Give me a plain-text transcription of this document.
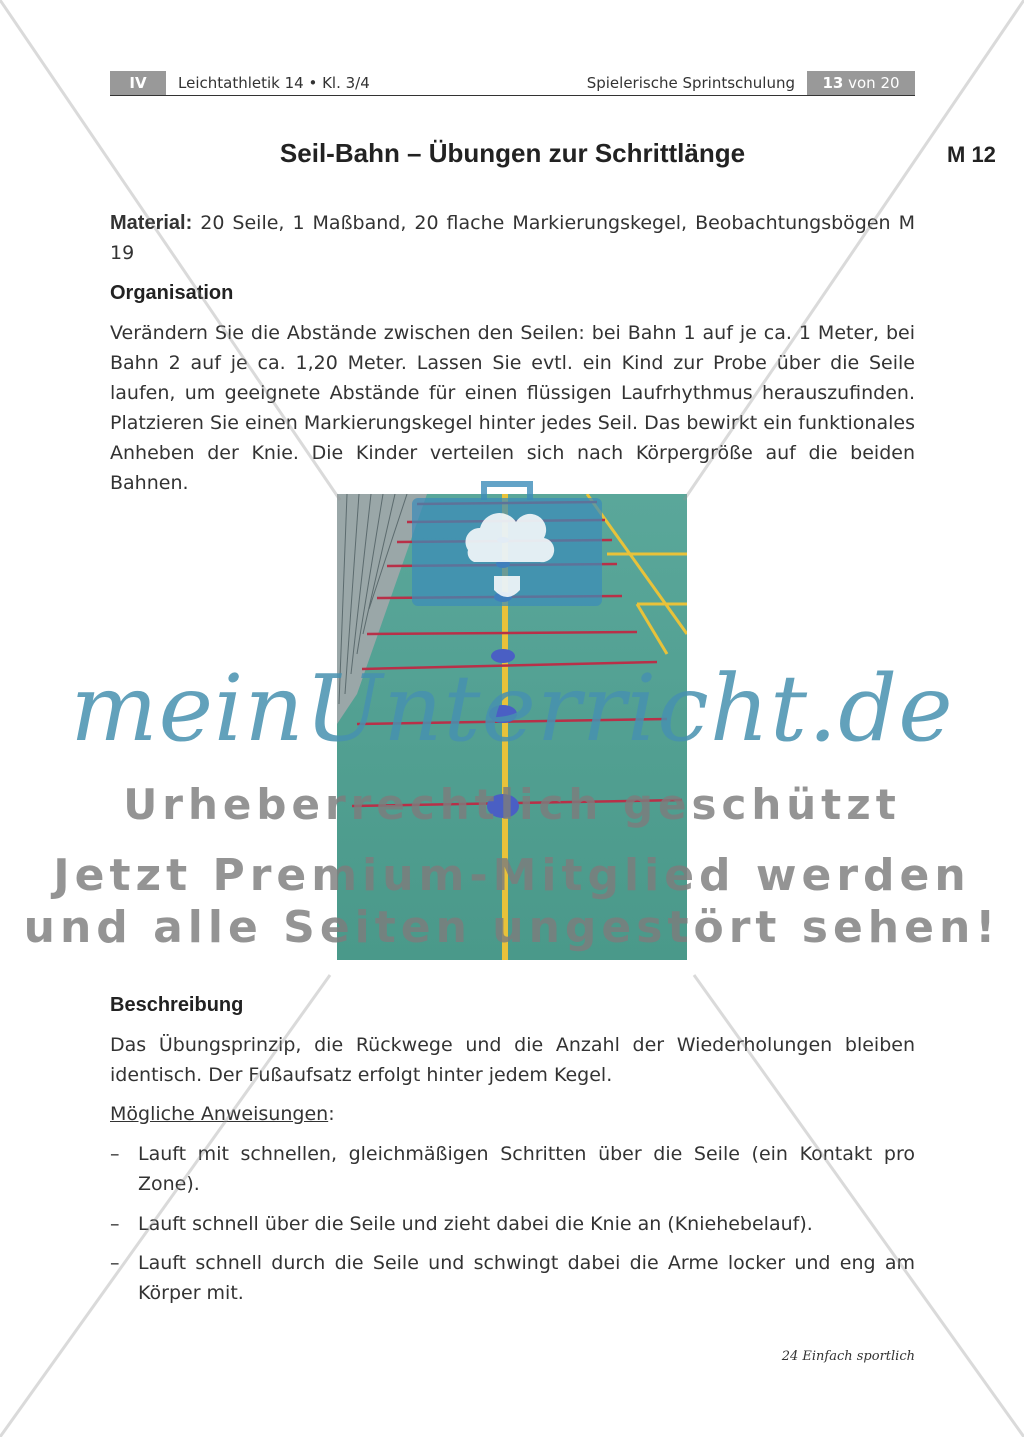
IV	Leichtathletik 14 • Kl. 3/4	Spielerische Sprintschulung	13 von 20
Seil-Bahn – Übungen zur Schrittlänge	M 12
Material: 20 Seile, 1 Maßband, 20 flache Markierungskegel, Beobachtungsbögen M 19
Organisation
Verändern Sie die Abstände zwischen den Seilen: bei Bahn 1 auf je ca. 1 Meter, bei Bahn 2 auf je ca. 1,20 Meter. Lassen Sie evtl. ein Kind zur Probe über die Seile laufen, um geeignete Abstände für einen flüssigen Laufrhythmus herauszufinden. Platzieren Sie einen Markierungskegel hinter jedes Seil. Das bewirkt ein funktionales Anheben der Knie. Die Kinder verteilen sich nach Körpergröße auf die beiden Bahnen.
Beschreibung
Das Übungsprinzip, die Rückwege und die Anzahl der Wiederholungen bleiben identisch. Der Fußaufsatz erfolgt hinter jedem Kegel.
Mögliche Anweisungen:
– Lauft mit schnellen, gleichmäßigen Schritten über die Seile (ein Kontakt pro Zone).
– Lauft schnell über die Seile und zieht dabei die Knie an (Kniehebelauf).
– Lauft schnell durch die Seile und schwingt dabei die Arme locker und eng am Körper mit.
24 Einfach sportlich
meinUnterricht.de
Urheberrechtlich geschützt
Jetzt Premium-Mitglied werden
und alle Seiten ungestört sehen!
